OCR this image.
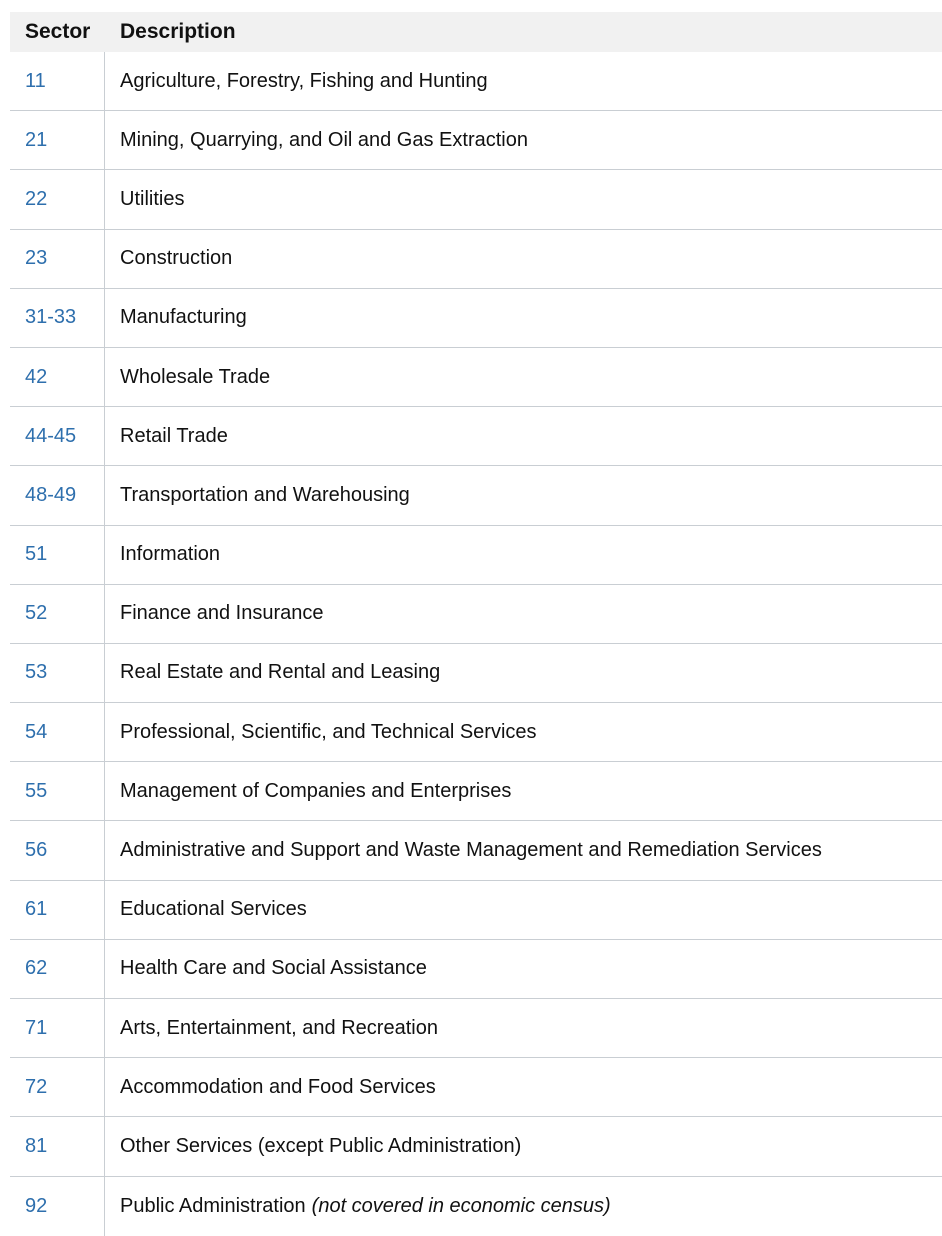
Sector	Description
11	Agriculture, Forestry, Fishing and Hunting
21	Mining, Quarrying, and Oil and Gas Extraction
22	Utilities
23	Construction
31-33	Manufacturing
42	Wholesale Trade
44-45	Retail Trade
48-49	Transportation and Warehousing
51	Information
52	Finance and Insurance
53	Real Estate and Rental and Leasing
54	Professional, Scientific, and Technical Services
55	Management of Companies and Enterprises
56	Administrative and Support and Waste Management and Remediation Services
61	Educational Services
62	Health Care and Social Assistance
71	Arts, Entertainment, and Recreation
72	Accommodation and Food Services
81	Other Services (except Public Administration)
92	Public Administration (not covered in economic census)
